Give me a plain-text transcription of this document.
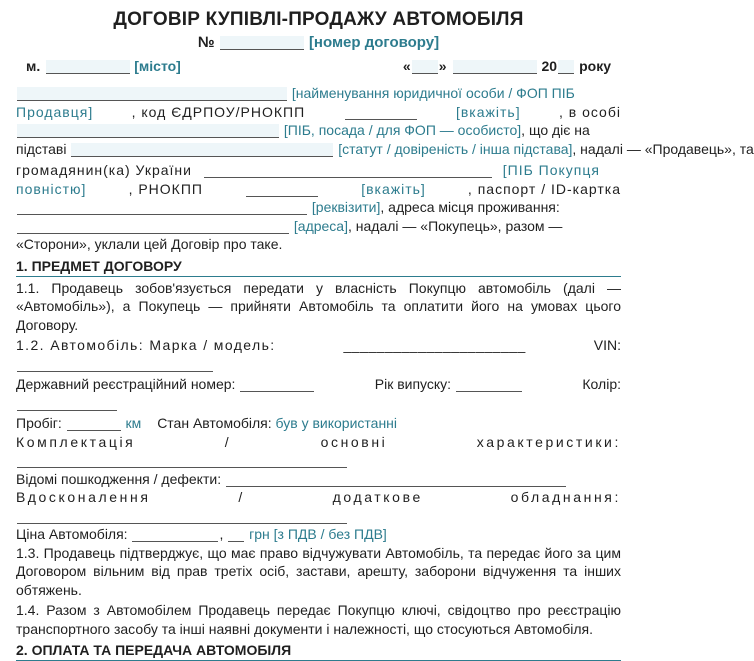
ДОГОВІР КУПІВЛІ-ПРОДАЖУ АВТОМОБІЛЯ
№	[номер договору]
м.	[місто]	« »	20 року
[найменування юридичної особи / ФОП ПІБ
Продавця]	, код ЄДРПОУ/РНОКПП	[вкажіть]	, в особі
[ПІБ, посада / для ФОП — особисто], що діє на
підставі	[статут / довіреність / інша підстава], надалі — «Продавець», та
громадянин(ка) України	[ПІБ Покупця
повністю]	, РНОКПП	[вкажіть]	, паспорт / ID-картка
[реквізити], адреса місця проживання:
[адреса], надалі — «Покупець», разом —
«Сторони», уклали цей Договір про таке.
1. ПРЕДМЕТ ДОГОВОРУ

1.1. Продавець зобов'язується передати у власність Покупцю автомобіль (далі — «Автомобіль»), а Покупець — прийняти Автомобіль та оплатити його на умовах цього Договору.

1.2. Автомобіль: Марка / модель:	______________________	VIN:
Державний реєстраційний номер:	Рік випуску:	Колір:
Пробіг:	км Стан Автомобіля: був у використанні
Комплектація	/	основні	характеристики:
Відомі пошкодження / дефекти:
Вдосконалення	/	додаткове	обладнання:
Ціна Автомобіля:	,  грн [з ПДВ / без ПДВ]

1.3. Продавець підтверджує, що має право відчужувати Автомобіль, та передає його за цим Договором вільним від прав третіх осіб, застави, арешту, заборони відчуження та інших обтяжень.

1.4. Разом з Автомобілем Продавець передає Покупцю ключі, свідоцтво про реєстрацію транспортного засобу та інші наявні документи і належності, що стосуються Автомобіля.

2. ОПЛАТА ТА ПЕРЕДАЧА АВТОМОБІЛЯ
